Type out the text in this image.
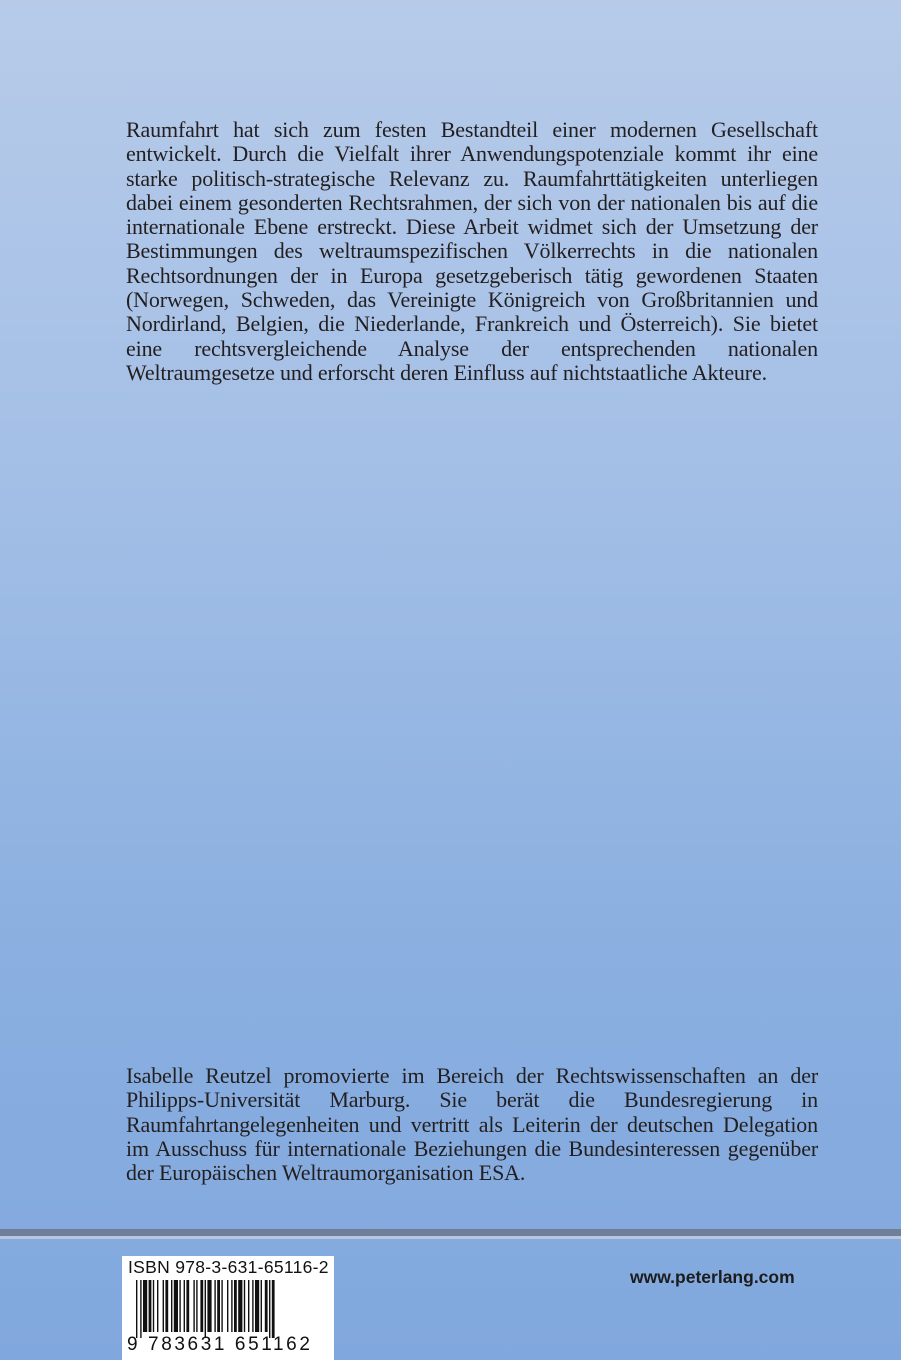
Raumfahrt hat sich zum festen Bestandteil einer modernen Gesellschaft entwickelt. Durch die Vielfalt ihrer Anwendungspotenziale kommt ihr eine starke politisch-strategische Relevanz zu. Raumfahrttätigkeiten unterliegen dabei einem gesonderten Rechtsrahmen, der sich von der nationalen bis auf die internationale Ebene erstreckt. Diese Arbeit widmet sich der Umsetzung der Bestimmungen des weltraumspezifischen Völkerrechts in die nationalen Rechtsordnungen der in Europa gesetzgeberisch tätig gewordenen Staaten (Norwegen, Schweden, das Vereinigte Königreich von Großbritannien und Nordirland, Belgien, die Niederlande, Frankreich und Österreich). Sie bietet eine rechtsvergleichende Analyse der entsprechenden nationalen Weltraumgesetze und erforscht deren Einfluss auf nichtstaatliche Akteure.
Isabelle Reutzel promovierte im Bereich der Rechtswissenschaften an der Philipps-Universität Marburg. Sie berät die Bundesregierung in Raumfahrtangelegenheiten und vertritt als Leiterin der deutschen Delegation im Ausschuss für internationale Beziehungen die Bundesinteressen gegenüber der Europäischen Weltraumorganisation ESA.
ISBN 978-3-631-65116-2
9 783631 651162
www.peterlang.com
